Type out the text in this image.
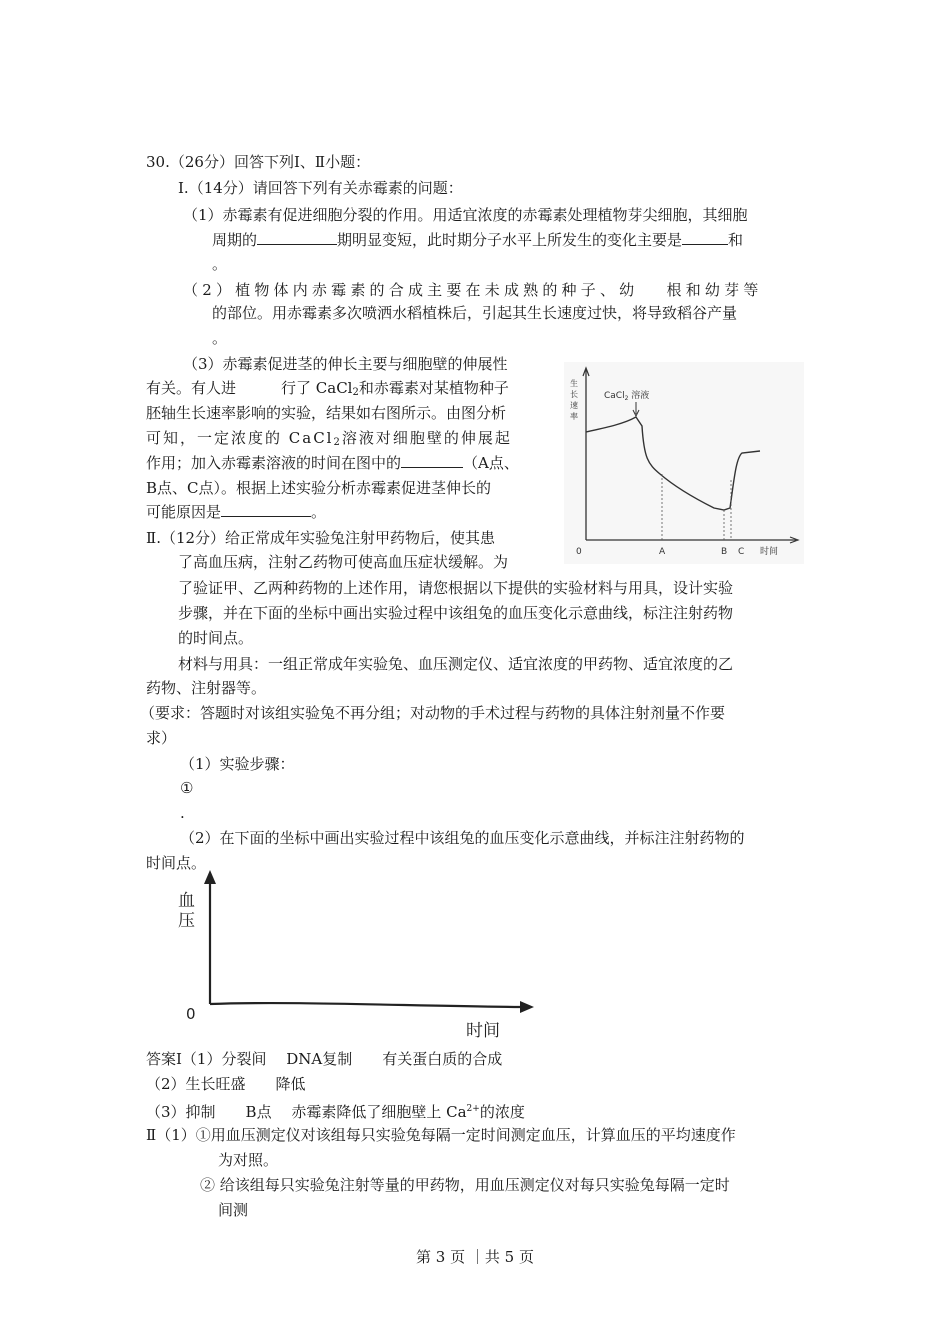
30.（26分）回答下列Ⅰ、Ⅱ小题：
Ⅰ.（14分）请回答下列有关赤霉素的问题：
（1）赤霉素有促进细胞分裂的作用。用适宜浓度的赤霉素处理植物芽尖细胞，其细胞
周期的	期明显变短，此时期分子水平上所发生的变化主要是	和
。
（2）植物体内赤霉素的合成主要在未成熟的种子、幼　 根和幼芽等
的部位。用赤霉素多次喷洒水稻植株后，引起其生长速度过快，将导致稻谷产量
。
（3）赤霉素促进茎的伸长主要与细胞壁的伸展性
有关。有人进　　　行了 CaCl$_2$和赤霉素对某植物种子
胚轴生长速率影响的实验，结果如右图所示。由图分析
可知，一定浓度的 CaCl$_2$溶液对细胞壁的伸展起
作用；加入赤霉素溶液的时间在图中的	（A点、
B点、C点）。根据上述实验分析赤霉素促进茎伸长的
可能原因是	。
生
长
速
率
CaCl$_2$ 溶液
0	A	B C 时间
Ⅱ.（12分）给正常成年实验兔注射甲药物后，使其患
了高血压病，注射乙药物可使高血压症状缓解。为
了验证甲、乙两种药物的上述作用，请您根据以下提供的实验材料与用具，设计实验
步骤，并在下面的坐标中画出实验过程中该组兔的血压变化示意曲线，标注注射药物
的时间点。
材料与用具：一组正常成年实验兔、血压测定仪、适宜浓度的甲药物、适宜浓度的乙
药物、注射器等。
（要求：答题时对该组实验兔不再分组；对动物的手术过程与药物的具体注射剂量不作要
求）
（1）实验步骤：
①
.
（2）在下面的坐标中画出实验过程中该组兔的血压变化示意曲线，并标注注射药物的
时间点。
血
压
0
时间
答案Ⅰ（1）分裂间　 DNA复制　　有关蛋白质的合成
（2）生长旺盛　　降低
（3）抑制　　B点　 赤霉素降低了细胞壁上 $Ca^{2+}$的浓度
Ⅱ（1）①用血压测定仪对该组每只实验兔每隔一定时间测定血压，计算血压的平均速度作
为对照。
② 给该组每只实验兔注射等量的甲药物，用血压测定仪对每只实验兔每隔一定时
间测
第 3 页 ｜共 5 页
